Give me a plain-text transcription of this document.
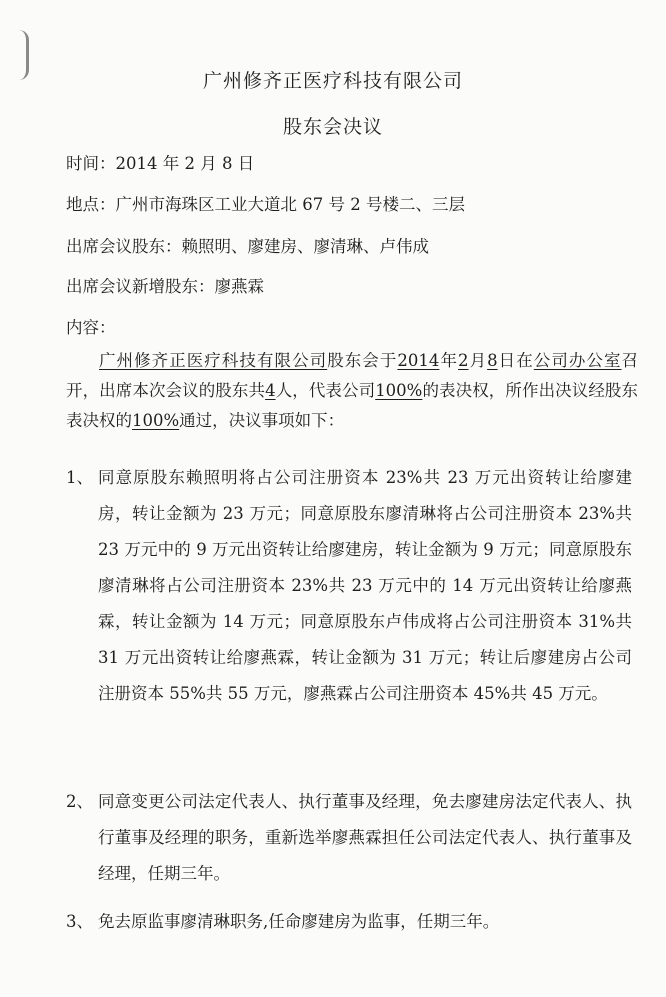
广州修齐正医疗科技有限公司
股东会决议
时间：2014 年 2 月 8 日
地点：广州市海珠区工业大道北 67 号 2 号楼二、三层
出席会议股东：赖照明、廖建房、廖清琳、卢伟成
出席会议新增股东：廖燕霖
内容：
广州修齐正医疗科技有限公司股东会于2014年2月8日在公司办公室召开，出席本次会议的股东共4人，代表公司100%的表决权，所作出决议经股东表决权的100%通过，决议事项如下：
1、 同意原股东赖照明将占公司注册资本 23%共 23 万元出资转让给廖建房，转让金额为 23 万元；同意原股东廖清琳将占公司注册资本 23%共 23 万元中的 9 万元出资转让给廖建房，转让金额为 9 万元；同意原股东廖清琳将占公司注册资本 23%共 23 万元中的 14 万元出资转让给廖燕霖，转让金额为 14 万元；同意原股东卢伟成将占公司注册资本 31%共 31 万元出资转让给廖燕霖，转让金额为 31 万元；转让后廖建房占公司注册资本 55%共 55 万元，廖燕霖占公司注册资本 45%共 45 万元。
2、 同意变更公司法定代表人、执行董事及经理，免去廖建房法定代表人、执行董事及经理的职务，重新选举廖燕霖担任公司法定代表人、执行董事及经理，任期三年。
3、 免去原监事廖清琳职务,任命廖建房为监事，任期三年。
